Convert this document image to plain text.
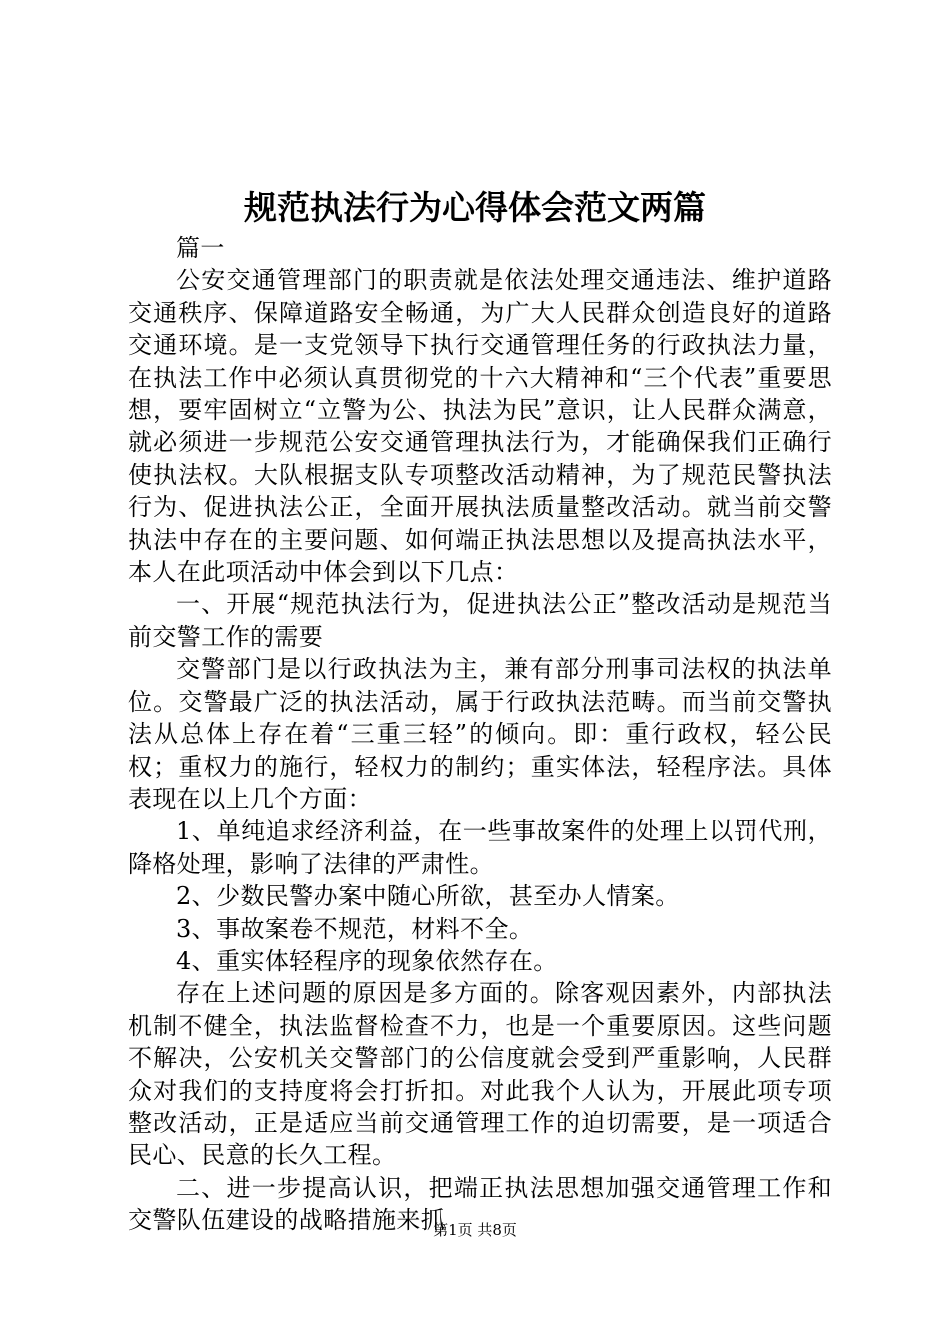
规范执法行为心得体会范文两篇

篇一

公安交通管理部门的职责就是依法处理交通违法、维护道路交通秩序、保障道路安全畅通，为广大人民群众创造良好的道路交通环境。是一支党领导下执行交通管理任务的行政执法力量，在执法工作中必须认真贯彻党的十六大精神和“三个代表”重要思想，要牢固树立“立警为公、执法为民”意识，让人民群众满意，就必须进一步规范公安交通管理执法行为，才能确保我们正确行使执法权。大队根据支队专项整改活动精神，为了规范民警执法行为、促进执法公正，全面开展执法质量整改活动。就当前交警执法中存在的主要问题、如何端正执法思想以及提高执法水平，本人在此项活动中体会到以下几点：

一、开展“规范执法行为，促进执法公正”整改活动是规范当前交警工作的需要

交警部门是以行政执法为主，兼有部分刑事司法权的执法单位。交警最广泛的执法活动，属于行政执法范畴。而当前交警执法从总体上存在着“三重三轻”的倾向。即：重行政权，轻公民权；重权力的施行，轻权力的制约；重实体法，轻程序法。具体表现在以上几个方面：

1、单纯追求经济利益，在一些事故案件的处理上以罚代刑，降格处理，影响了法律的严肃性。

2、少数民警办案中随心所欲，甚至办人情案。

3、事故案卷不规范，材料不全。

4、重实体轻程序的现象依然存在。

存在上述问题的原因是多方面的。除客观因素外，内部执法机制不健全，执法监督检查不力，也是一个重要原因。这些问题不解决，公安机关交警部门的公信度就会受到严重影响，人民群众对我们的支持度将会打折扣。对此我个人认为，开展此项专项整改活动，正是适应当前交通管理工作的迫切需要，是一项适合民心、民意的长久工程。

二、进一步提高认识，把端正执法思想加强交通管理工作和交警队伍建设的战略措施来抓

第1页 共8页
